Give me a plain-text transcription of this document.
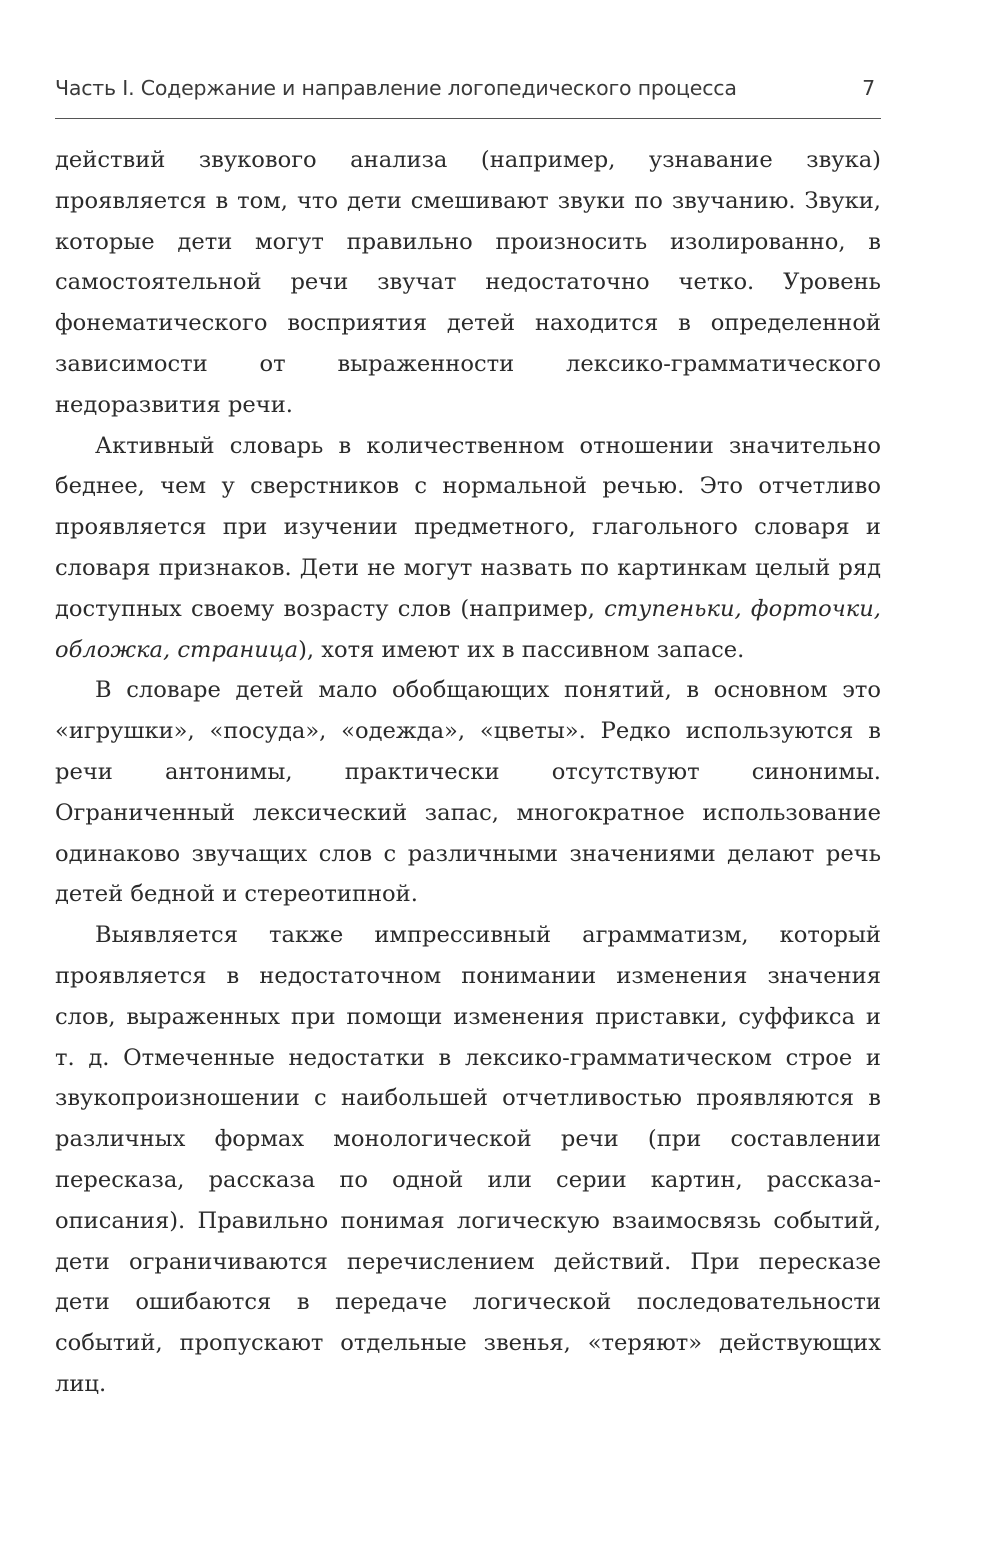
Часть I. Содержание и направление логопедического процесса	7

действий звукового анализа (например, узнавание звука) проявляется в том, что дети смешивают звуки по звучанию. Звуки, которые дети могут правильно произносить изолированно, в самостоятельной речи звучат недостаточно четко. Уровень фонематического восприятия детей находится в определенной зависимости от выраженности лексико-грамматического недоразвития речи.

Активный словарь в количественном отношении значительно беднее, чем у сверстников с нормальной речью. Это отчетливо проявляется при изучении предметного, глагольного словаря и словаря признаков. Дети не могут назвать по картинкам целый ряд доступных своему возрасту слов (например, ступеньки, форточки, обложка, страница), хотя имеют их в пассивном запасе.

В словаре детей мало обобщающих понятий, в основном это «игрушки», «посуда», «одежда», «цветы». Редко используются в речи антонимы, практически отсутствуют синонимы. Ограниченный лексический запас, многократное использование одинаково звучащих слов с различными значениями делают речь детей бедной и стереотипной.

Выявляется также импрессивный аграмматизм, который проявляется в недостаточном понимании изменения значения слов, выраженных при помощи изменения приставки, суффикса и т. д. Отмеченные недостатки в лексико-грамматическом строе и звукопроизношении с наибольшей отчетливостью проявляются в различных формах монологической речи (при составлении пересказа, рассказа по одной или серии картин, рассказа-описания). Правильно понимая логическую взаимосвязь событий, дети ограничиваются перечислением действий. При пересказе дети ошибаются в передаче логической последовательности событий, пропускают отдельные звенья, «теряют» действующих лиц.
